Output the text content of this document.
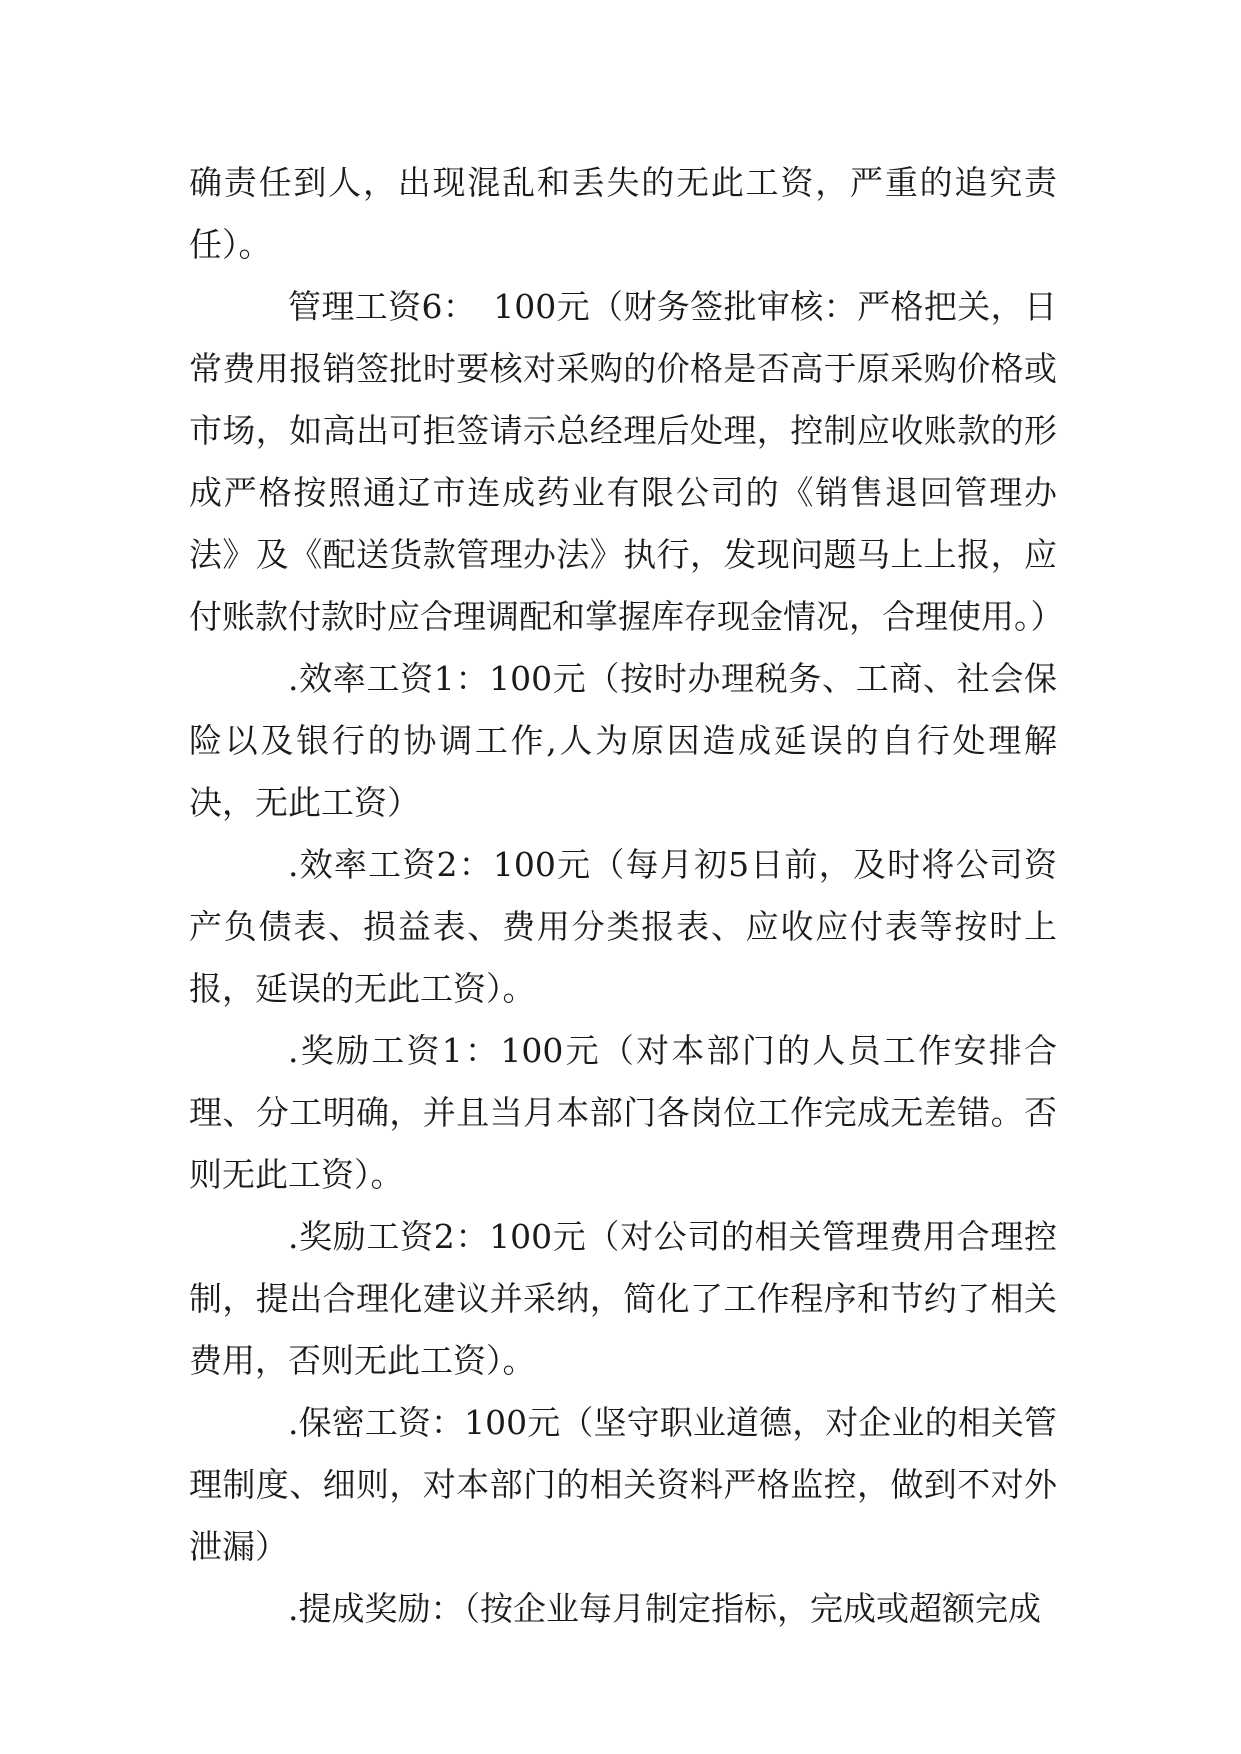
确责任到人，出现混乱和丢失的无此工资，严重的追究责任）。

管理工资6：　100元（财务签批审核：严格把关，日常费用报销签批时要核对采购的价格是否高于原采购价格或市场，如高出可拒签请示总经理后处理，控制应收账款的形成严格按照通辽市连成药业有限公司的《销售退回管理办法》及《配送货款管理办法》执行，发现问题马上上报，应付账款付款时应合理调配和掌握库存现金情况，合理使用。）

.效率工资1：100元（按时办理税务、工商、社会保险以及银行的协调工作,人为原因造成延误的自行处理解决，无此工资）

.效率工资2：100元（每月初5日前，及时将公司资产负债表、损益表、费用分类报表、应收应付表等按时上报，延误的无此工资）。

.奖励工资1：100元（对本部门的人员工作安排合理、分工明确，并且当月本部门各岗位工作完成无差错。否则无此工资）。

.奖励工资2：100元（对公司的相关管理费用合理控制，提出合理化建议并采纳，简化了工作程序和节约了相关费用，否则无此工资）。

.保密工资：100元（坚守职业道德，对企业的相关管理制度、细则，对本部门的相关资料严格监控，做到不对外泄漏）

.提成奖励：（按企业每月制定指标，完成或超额完成
